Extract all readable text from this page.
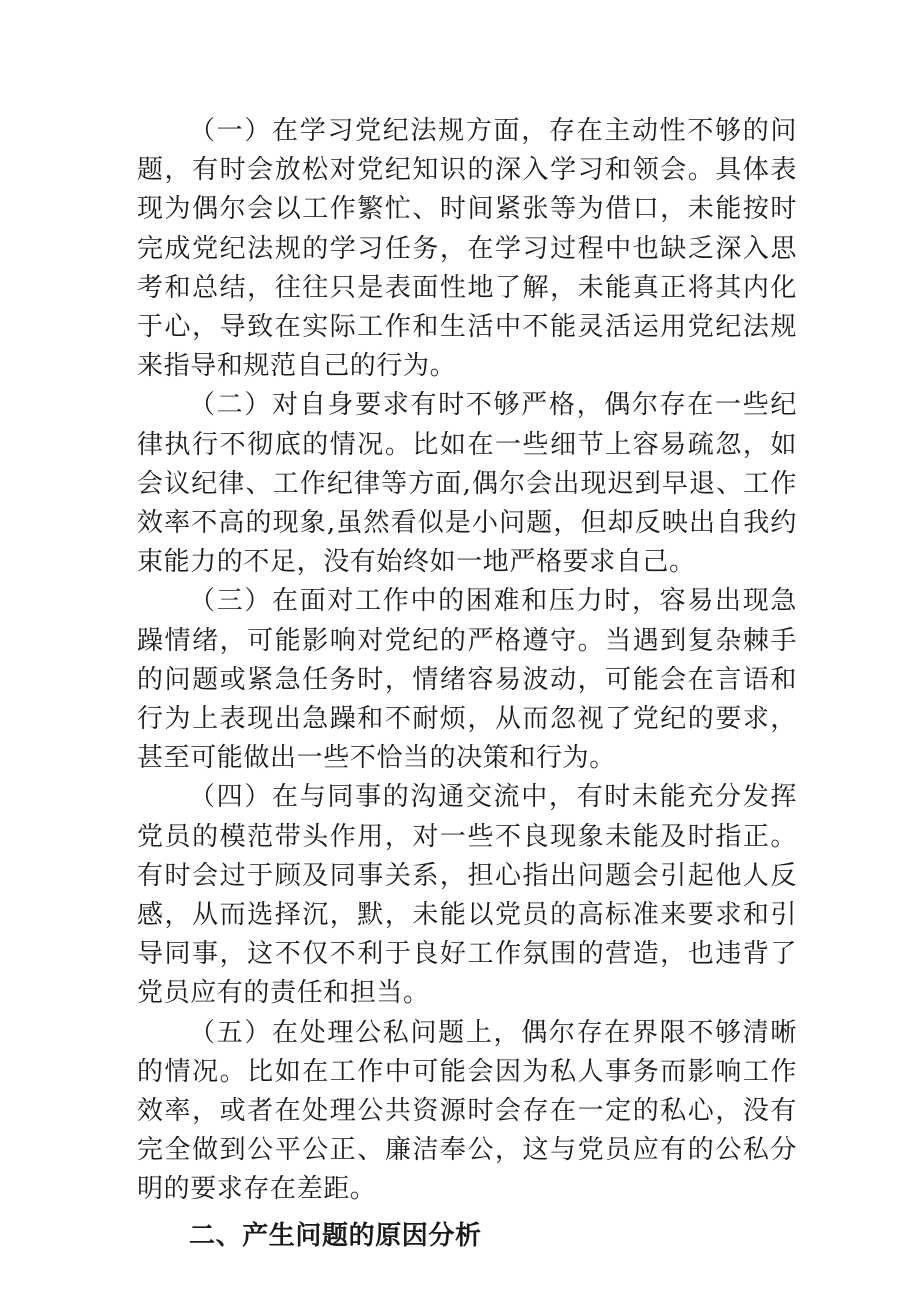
（一）在学习党纪法规方面，存在主动性不够的问题，有时会放松对党纪知识的深入学习和领会。具体表现为偶尔会以工作繁忙、时间紧张等为借口，未能按时完成党纪法规的学习任务，在学习过程中也缺乏深入思考和总结，往往只是表面性地了解，未能真正将其内化于心，导致在实际工作和生活中不能灵活运用党纪法规来指导和规范自己的行为。

（二）对自身要求有时不够严格，偶尔存在一些纪律执行不彻底的情况。比如在一些细节上容易疏忽，如会议纪律、工作纪律等方面,偶尔会出现迟到早退、工作效率不高的现象,虽然看似是小问题，但却反映出自我约束能力的不足，没有始终如一地严格要求自己。

（三）在面对工作中的困难和压力时，容易出现急躁情绪，可能影响对党纪的严格遵守。当遇到复杂棘手的问题或紧急任务时，情绪容易波动，可能会在言语和行为上表现出急躁和不耐烦，从而忽视了党纪的要求，甚至可能做出一些不恰当的决策和行为。

（四）在与同事的沟通交流中，有时未能充分发挥党员的模范带头作用，对一些不良现象未能及时指正。有时会过于顾及同事关系，担心指出问题会引起他人反感，从而选择沉，默，未能以党员的高标准来要求和引导同事，这不仅不利于良好工作氛围的营造，也违背了党员应有的责任和担当。

（五）在处理公私问题上，偶尔存在界限不够清晰的情况。比如在工作中可能会因为私人事务而影响工作效率，或者在处理公共资源时会存在一定的私心，没有完全做到公平公正、廉洁奉公，这与党员应有的公私分明的要求存在差距。

二、产生问题的原因分析
